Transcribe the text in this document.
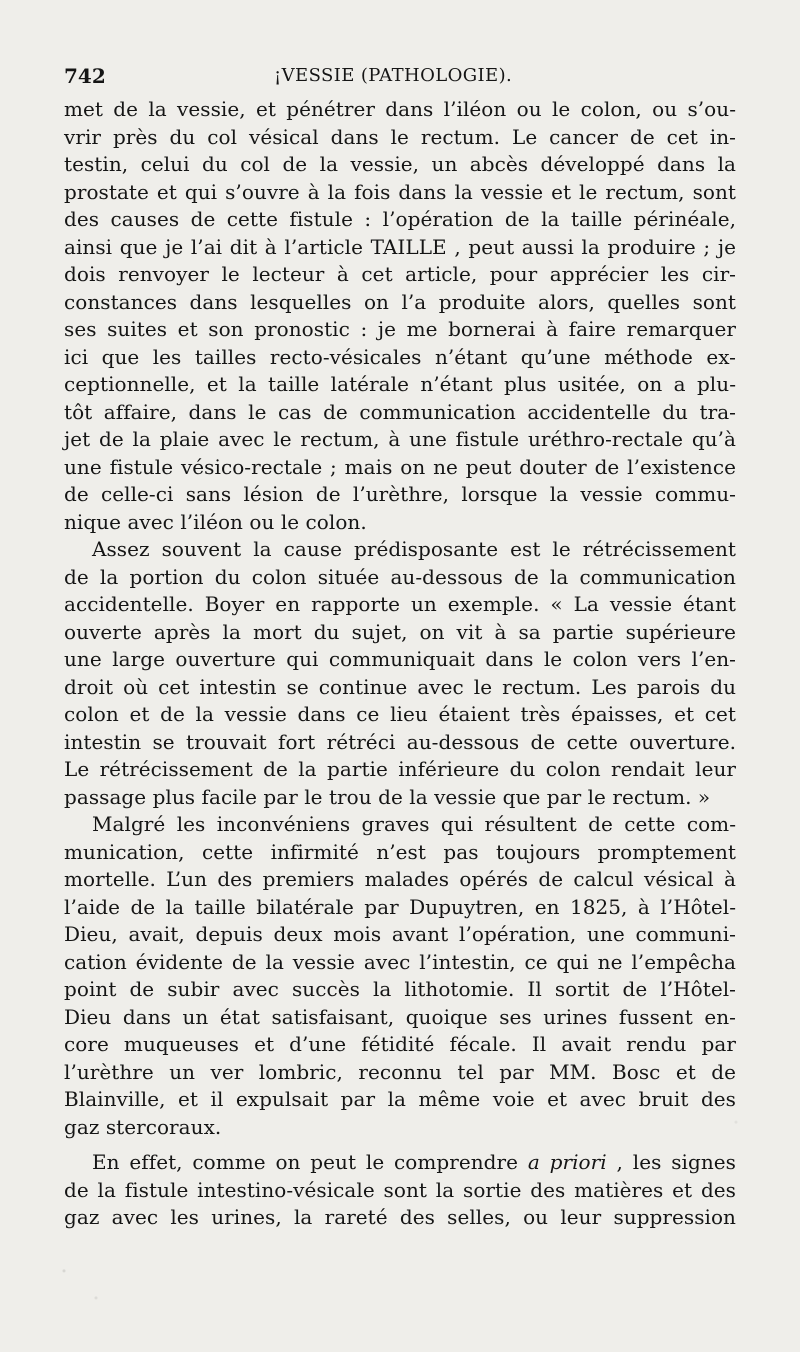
742	¡VESSIE (PATHOLOGIE).
met de la vessie, et pénétrer dans l’iléon ou le colon, ou s’ou-
vrir près du col vésical dans le rectum. Le cancer de cet in-
testin, celui du col de la vessie, un abcès développé dans la
prostate et qui s’ouvre à la fois dans la vessie et le rectum, sont
des causes de cette fistule : l’opération de la taille périnéale,
ainsi que je l’ai dit à l’article TAILLE , peut aussi la produire ; je
dois renvoyer le lecteur à cet article, pour apprécier les cir-
constances dans lesquelles on l’a produite alors, quelles sont
ses suites et son pronostic : je me bornerai à faire remarquer
ici que les tailles recto-vésicales n’étant qu’une méthode ex-
ceptionnelle, et la taille latérale n’étant plus usitée, on a plu-
tôt affaire, dans le cas de communication accidentelle du tra-
jet de la plaie avec le rectum, à une fistule uréthro-rectale qu’à
une fistule vésico-rectale ; mais on ne peut douter de l’existence
de celle-ci sans lésion de l’urèthre, lorsque la vessie commu-
nique avec l’iléon ou le colon.
Assez souvent la cause prédisposante est le rétrécissement
de la portion du colon située au-dessous de la communication
accidentelle. Boyer en rapporte un exemple. « La vessie étant
ouverte après la mort du sujet, on vit à sa partie supérieure
une large ouverture qui communiquait dans le colon vers l’en-
droit où cet intestin se continue avec le rectum. Les parois du
colon et de la vessie dans ce lieu étaient très épaisses, et cet
intestin se trouvait fort rétréci au-dessous de cette ouverture.
Le rétrécissement de la partie inférieure du colon rendait leur
passage plus facile par le trou de la vessie que par le rectum. »
Malgré les inconvéniens graves qui résultent de cette com-
munication, cette infirmité n’est pas toujours promptement
mortelle. L’un des premiers malades opérés de calcul vésical à
l’aide de la taille bilatérale par Dupuytren, en 1825, à l’Hôtel-
Dieu, avait, depuis deux mois avant l’opération, une communi-
cation évidente de la vessie avec l’intestin, ce qui ne l’empêcha
point de subir avec succès la lithotomie. Il sortit de l’Hôtel-
Dieu dans un état satisfaisant, quoique ses urines fussent en-
core muqueuses et d’une fétidité fécale. Il avait rendu par
l’urèthre un ver lombric, reconnu tel par MM. Bosc et de
Blainville, et il expulsait par la même voie et avec bruit des
gaz stercoraux.
En effet, comme on peut le comprendre a priori , les signes
de la fistule intestino-vésicale sont la sortie des matières et des
gaz avec les urines, la rareté des selles, ou leur suppression
